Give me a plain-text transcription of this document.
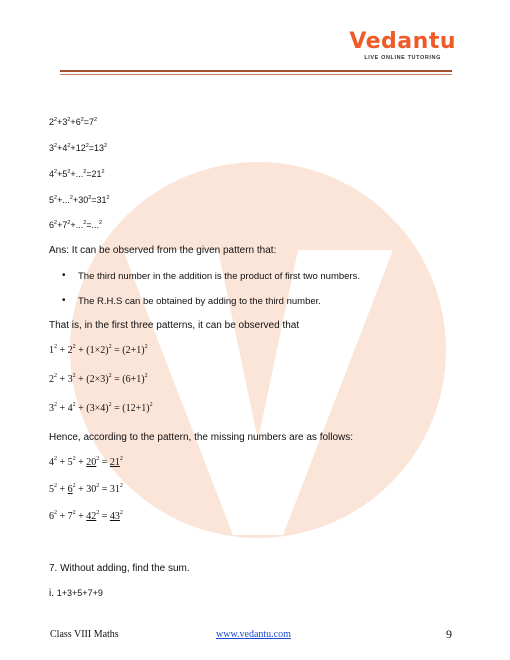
Vedantu
LIVE ONLINE TUTORING
$2^2+3^2+6^2=7^2$
$3^2+4^2+12^2=13^2$
$4^2+5^2+...^2=21^2$
$5^2+...^2+30^2=31^2$
$6^2+7^2+...^2=...^2$
Ans: It can be observed from the given pattern that:
• The third number in the addition is the product of first two numbers.
• The R.H.S can be obtained by adding to the third number.
That is, in the first three patterns, it can be observed that
$1^2 + 2^2 + (1\times 2)^2 = (2+1)^2$
$2^2 + 3^2 + (2\times 3)^2 = (6+1)^2$
$3^2 + 4^2 + (3\times 4)^2 = (12+1)^2$
Hence, according to the pattern, the missing numbers are as follows:
$4^2 + 5^2 + 20^2 = 21^2$
$5^2 + 6^2 + 30^2 = 31^2$
$6^2 + 7^2 + 42^2 = 43^2$
7. Without adding, find the sum.
i. 1+3+5+7+9
Class VIII Maths	www.vedantu.com	9
